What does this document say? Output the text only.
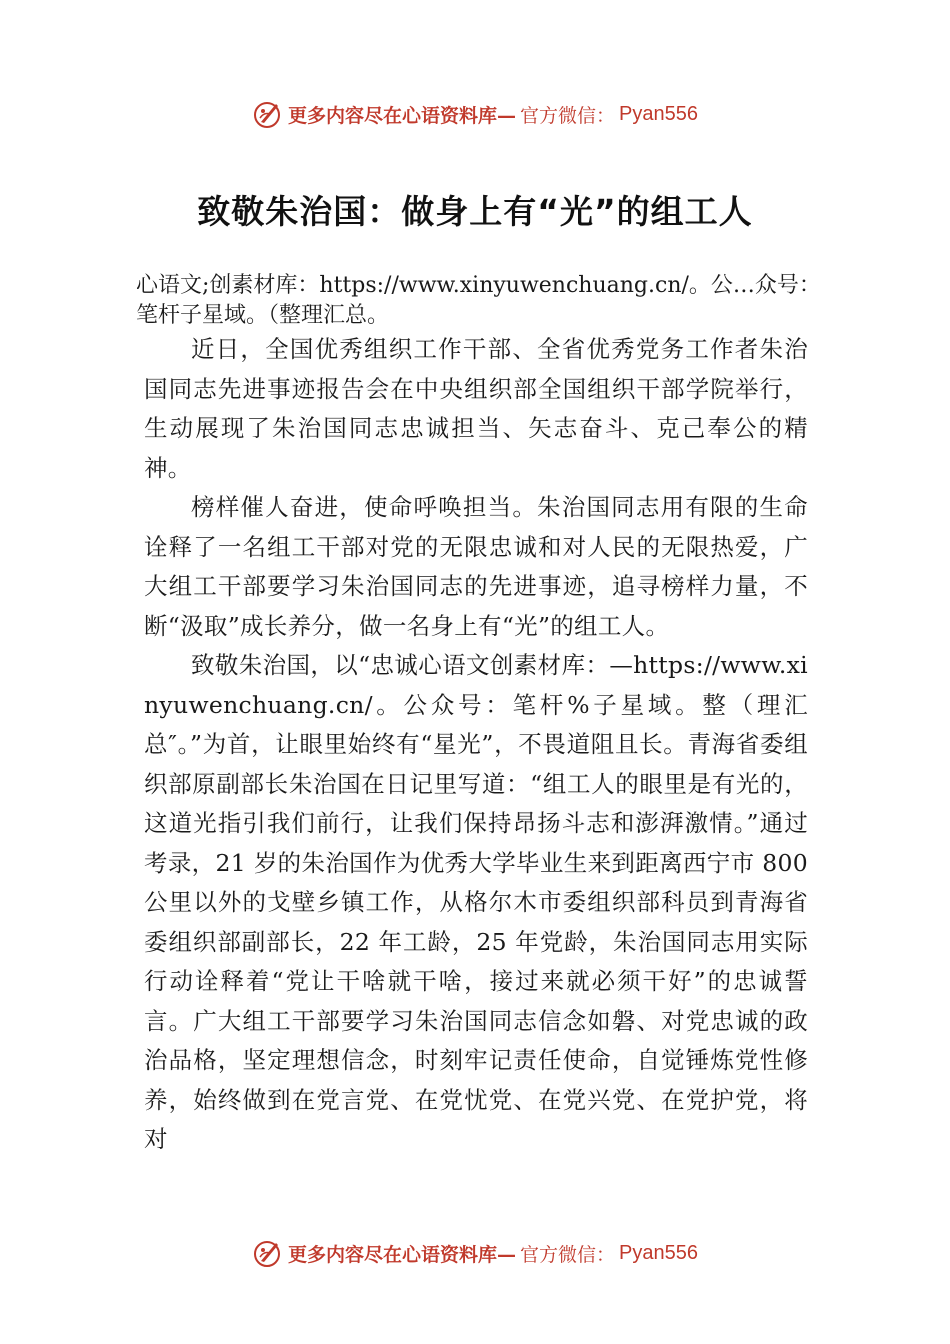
更多内容尽在心语资料库— 官方微信： Pyan556
致敬朱治国：做身上有“光”的组工人

心语文;创素材库：https://www.xinyuwenchuang.cn/。公…众号：笔杆子星域。（整理汇总。

近日，全国优秀组织工作干部、全省优秀党务工作者朱治国同志先进事迹报告会在中央组织部全国组织干部学院举行，生动展现了朱治国同志忠诚担当、矢志奋斗、克己奉公的精神。

榜样催人奋进，使命呼唤担当。朱治国同志用有限的生命诠释了一名组工干部对党的无限忠诚和对人民的无限热爱，广大组工干部要学习朱治国同志的先进事迹，追寻榜样力量，不断“汲取”成长养分，做一名身上有“光”的组工人。

致敬朱治国，以“忠诚心语文创素材库：—https://www.xinyuwenchuang.cn/。公众号：笔杆%子星域。整（理汇总″。”为首，让眼里始终有“星光”，不畏道阻且长。青海省委组织部原副部长朱治国在日记里写道：“组工人的眼里是有光的，这道光指引我们前行，让我们保持昂扬斗志和澎湃激情。”通过考录，21 岁的朱治国作为优秀大学毕业生来到距离西宁市 800 公里以外的戈壁乡镇工作，从格尔木市委组织部科员到青海省委组织部副部长，22 年工龄，25 年党龄，朱治国同志用实际行动诠释着“党让干啥就干啥，接过来就必须干好”的忠诚誓言。广大组工干部要学习朱治国同志信念如磐、对党忠诚的政治品格，坚定理想信念，时刻牢记责任使命，自觉锤炼党性修养，始终做到在党言党、在党忧党、在党兴党、在党护党，将对

更多内容尽在心语资料库— 官方微信： Pyan556
